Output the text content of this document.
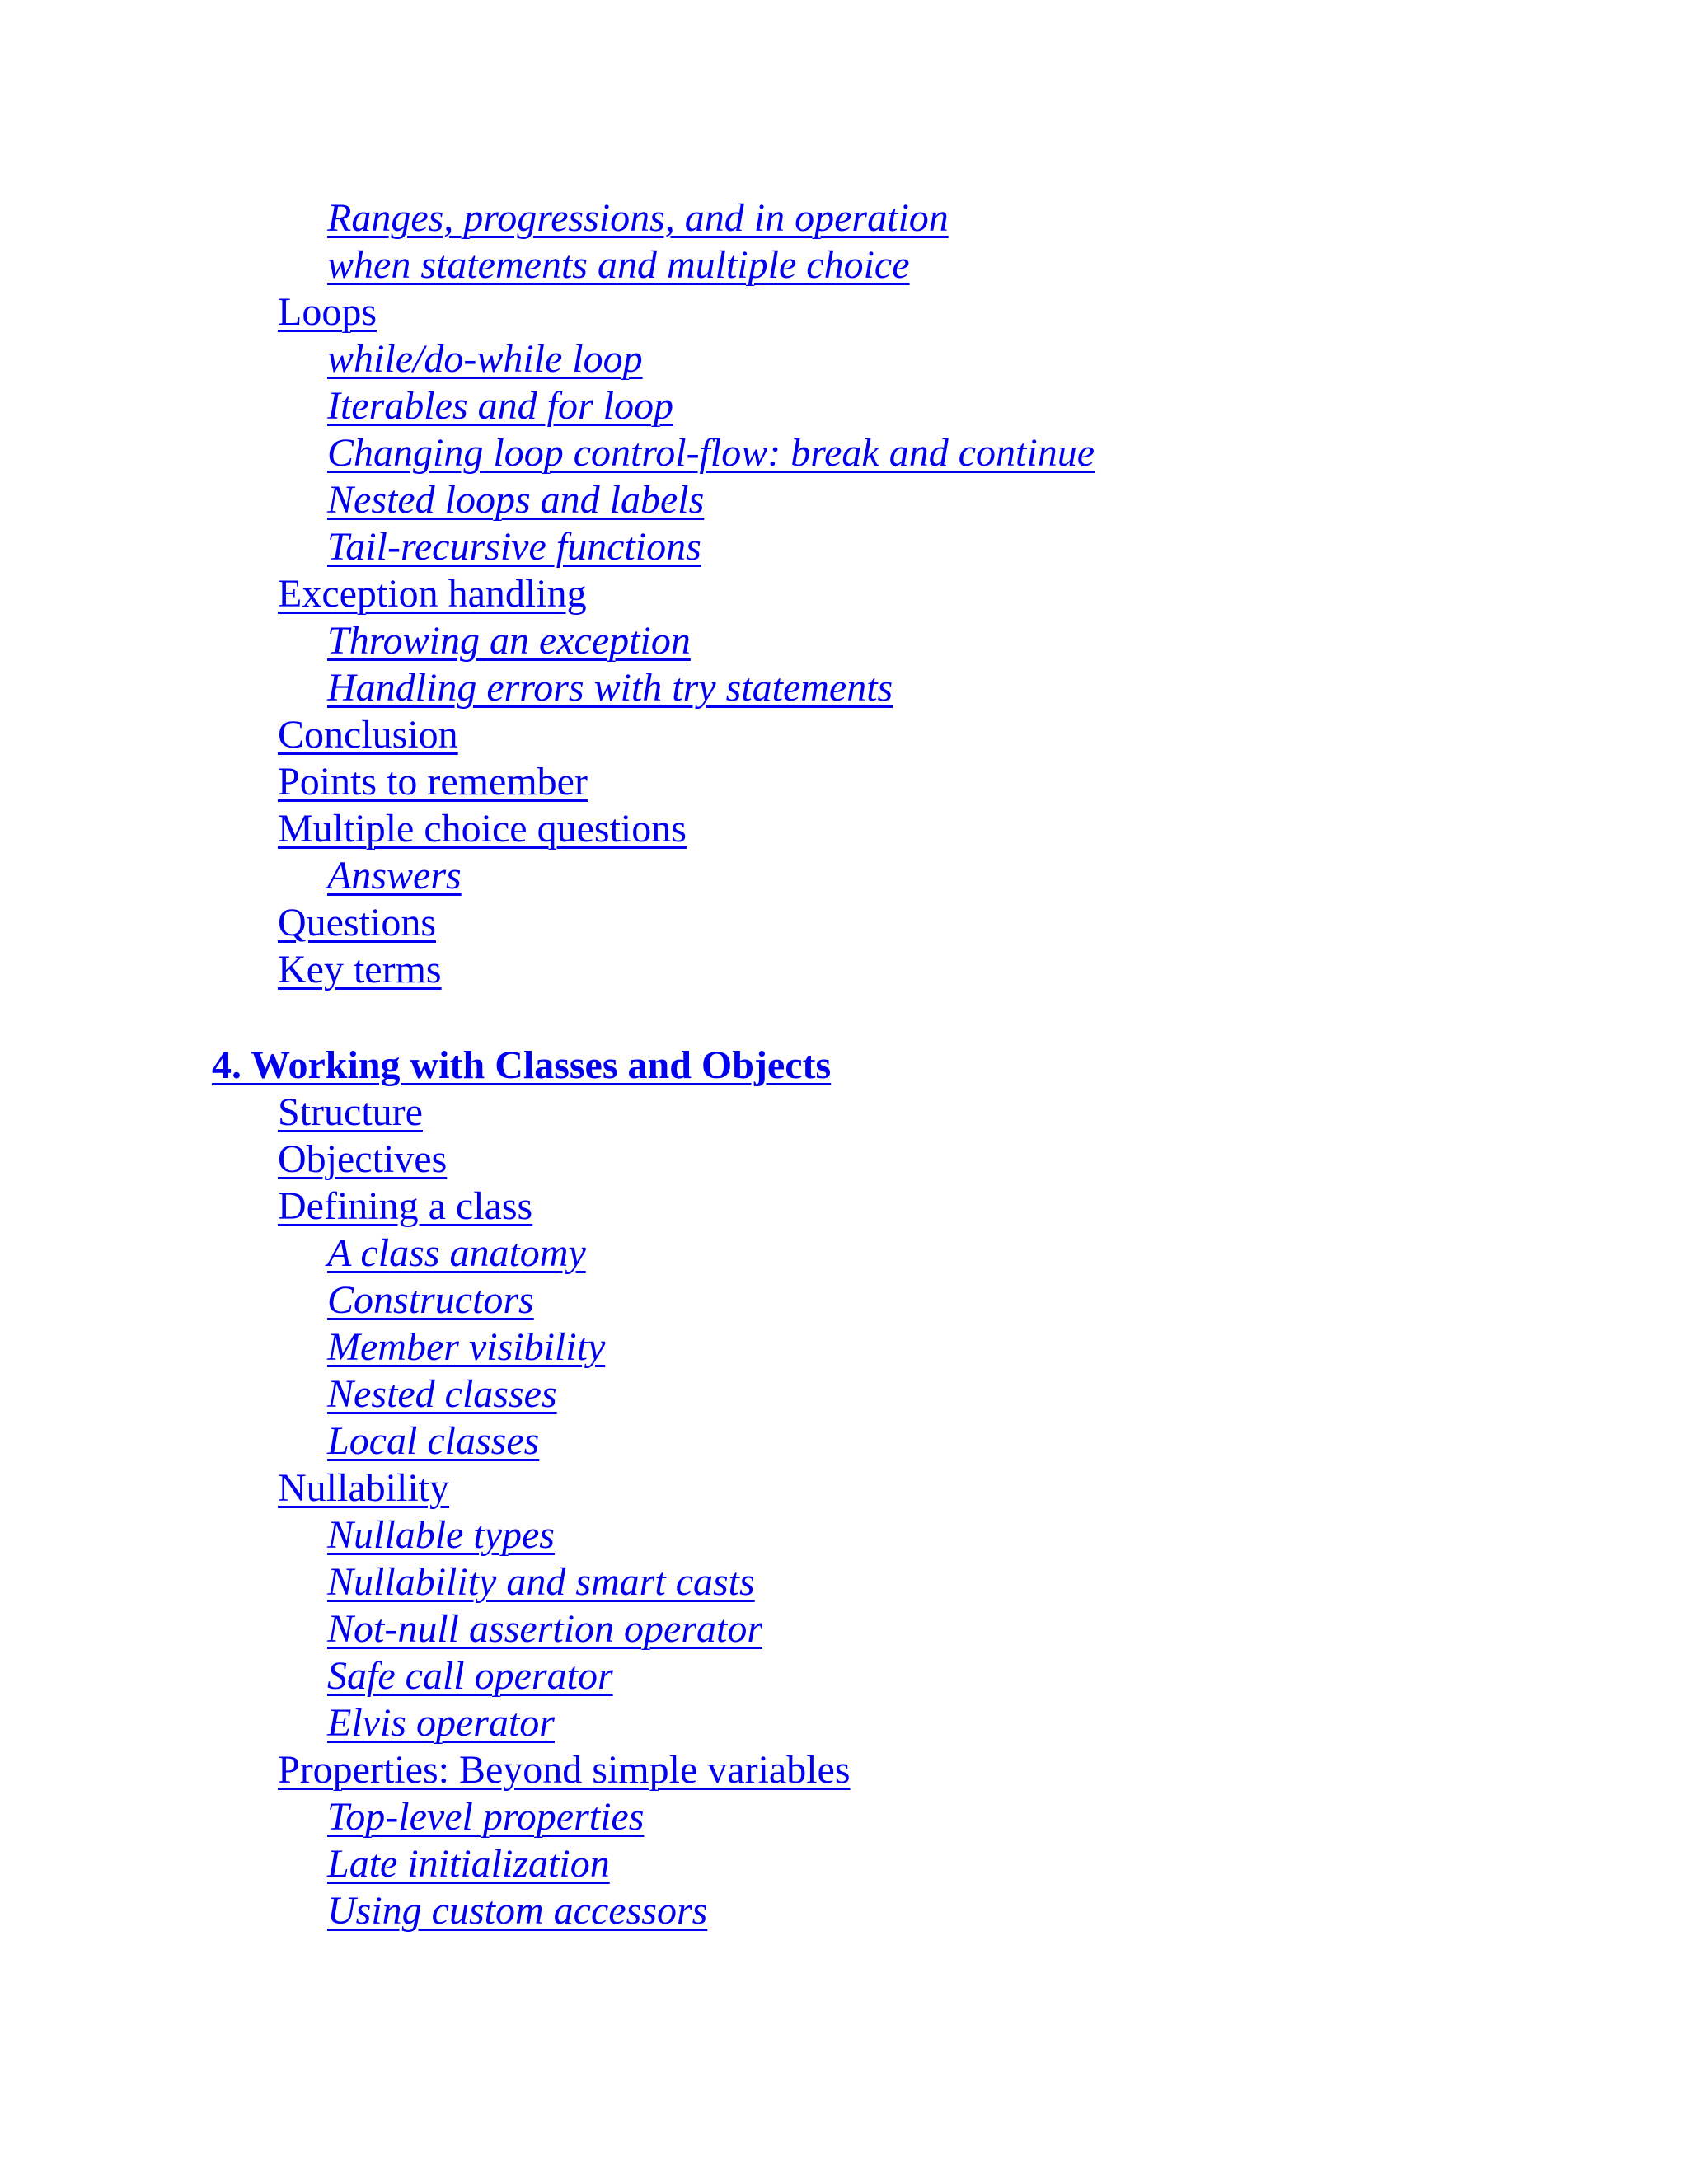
Ranges, progressions, and in operation
when statements and multiple choice
Loops
while/do-while loop
Iterables and for loop
Changing loop control-flow: break and continue
Nested loops and labels
Tail-recursive functions
Exception handling
Throwing an exception
Handling errors with try statements
Conclusion
Points to remember
Multiple choice questions
Answers
Questions
Key terms
4. Working with Classes and Objects
Structure
Objectives
Defining a class
A class anatomy
Constructors
Member visibility
Nested classes
Local classes
Nullability
Nullable types
Nullability and smart casts
Not-null assertion operator
Safe call operator
Elvis operator
Properties: Beyond simple variables
Top-level properties
Late initialization
Using custom accessors
